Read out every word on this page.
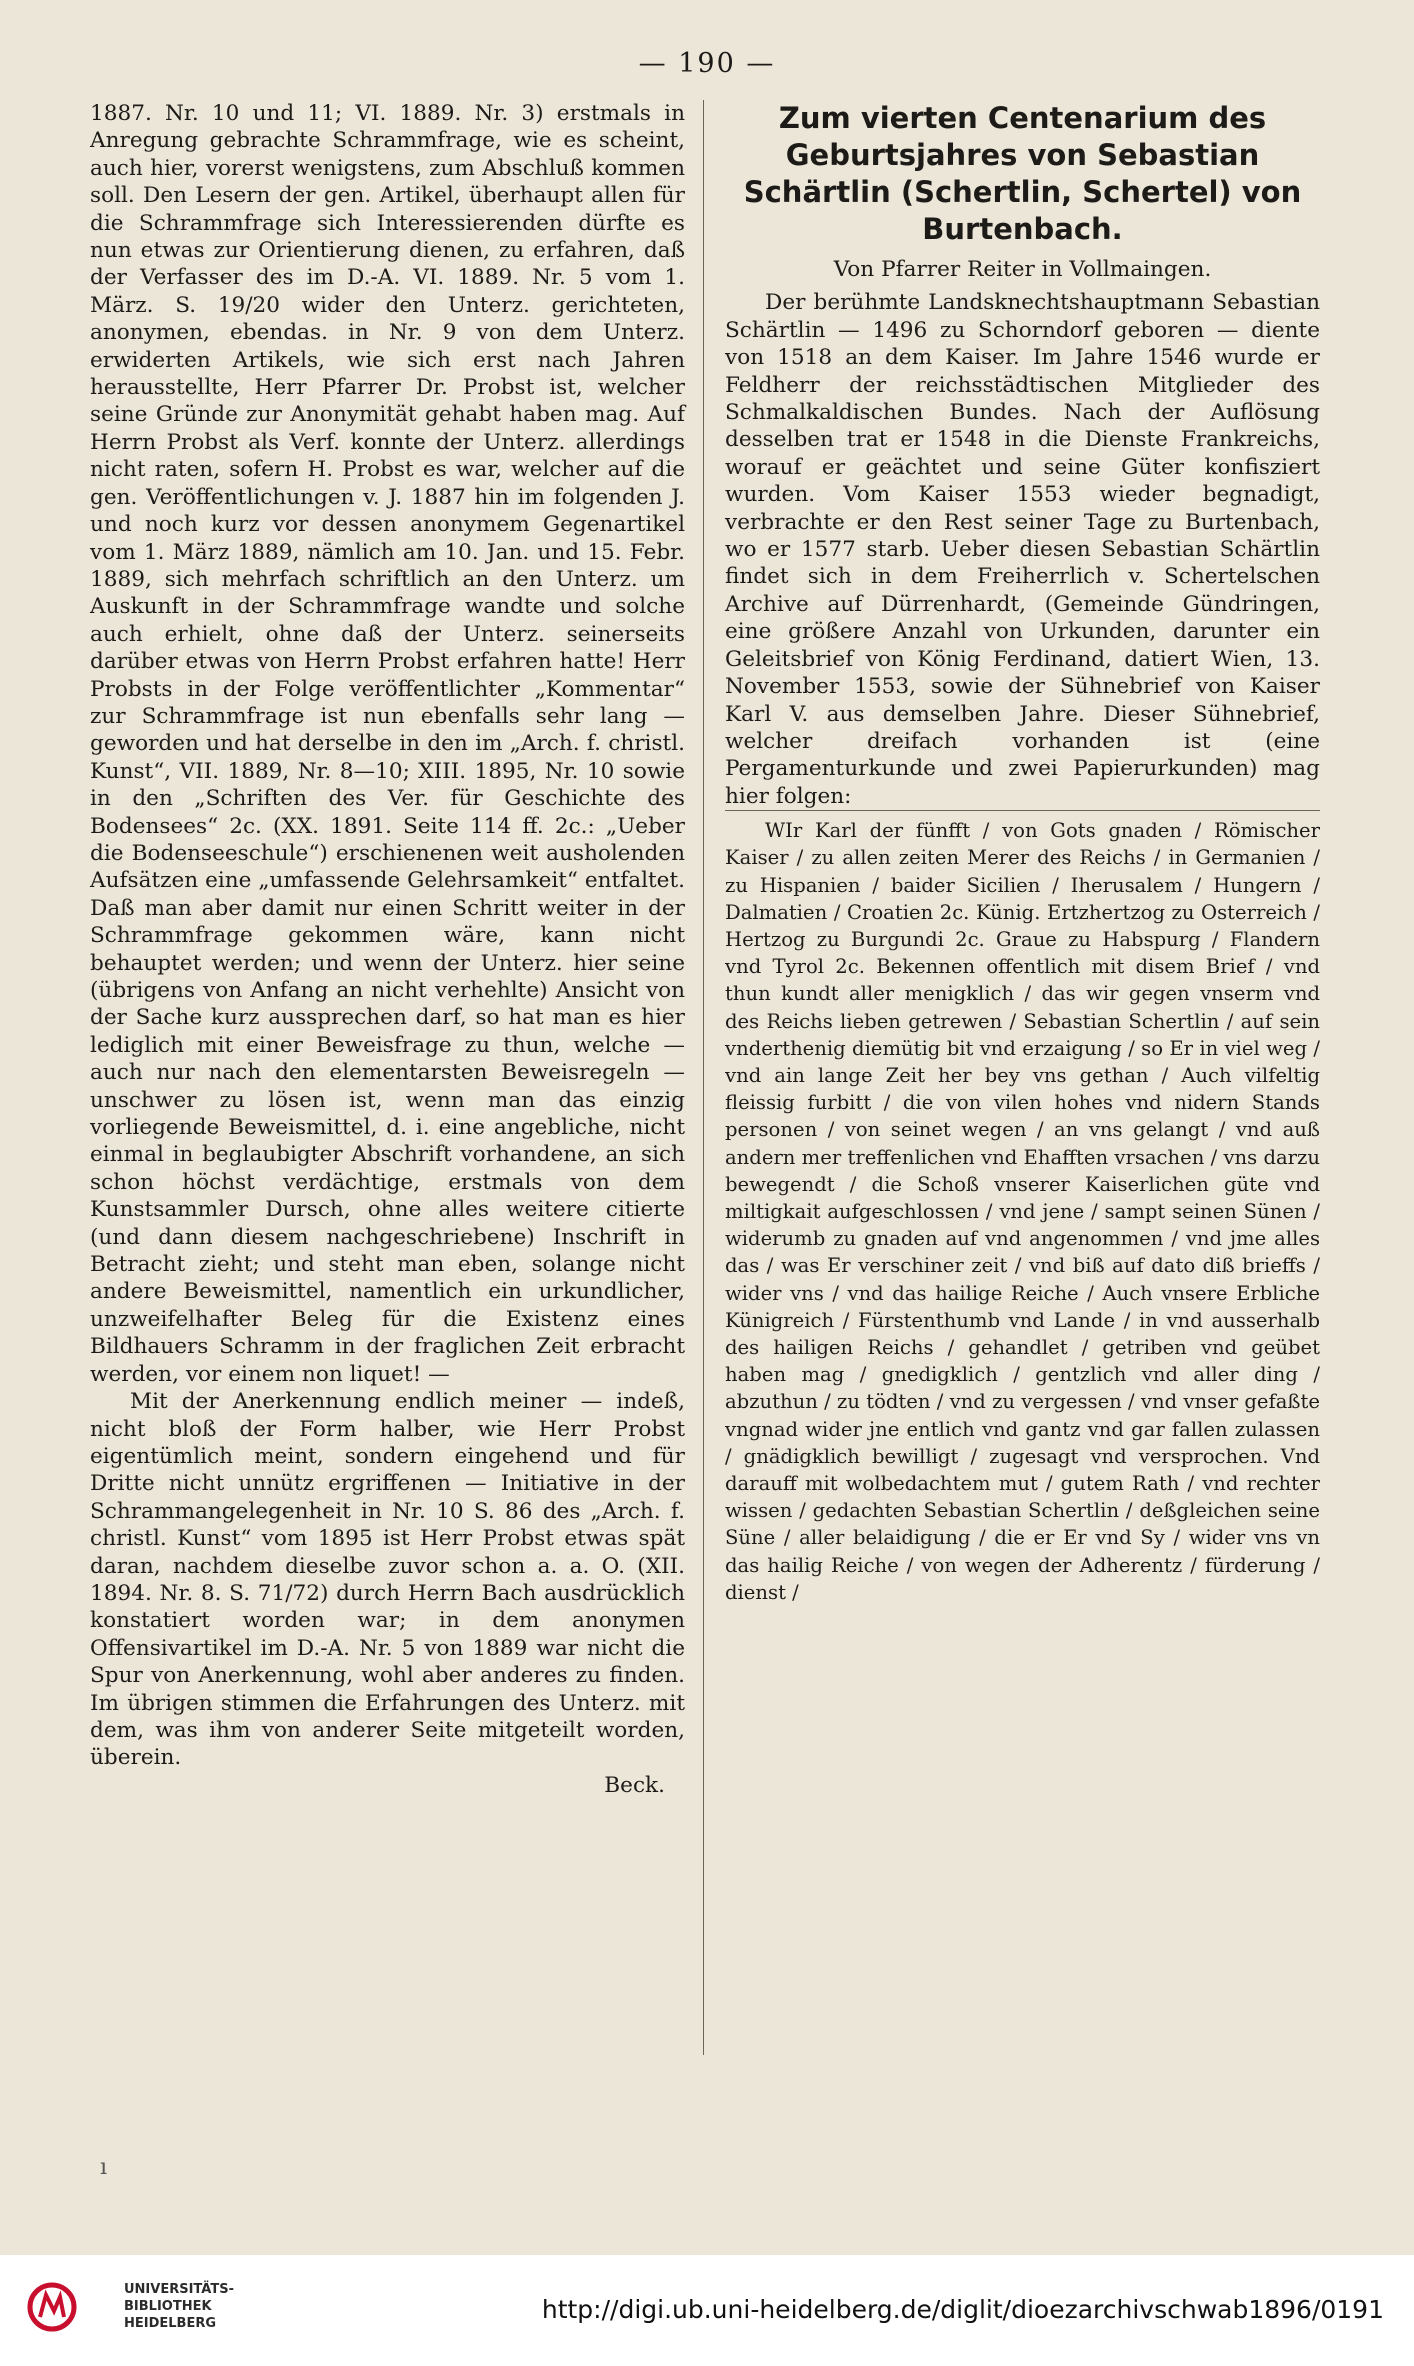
— 190 —

1887. Nr. 10 und 11; VI. 1889. Nr. 3) erstmals in Anregung gebrachte Schrammfrage, wie es scheint, auch hier, vorerst wenigstens, zum Abschluß kommen soll. Den Lesern der gen. Artikel, überhaupt allen für die Schrammfrage sich Interessierenden dürfte es nun etwas zur Orientierung dienen, zu erfahren, daß der Verfasser des im D.-A. VI. 1889. Nr. 5 vom 1. März. S. 19/20 wider den Unterz. gerichteten, anonymen, ebendas. in Nr. 9 von dem Unterz. erwiderten Artikels, wie sich erst nach Jahren herausstellte, Herr Pfarrer Dr. Probst ist, welcher seine Gründe zur Anonymität gehabt haben mag. Auf Herrn Probst als Verf. konnte der Unterz. allerdings nicht raten, sofern H. Probst es war, welcher auf die gen. Veröffentlichungen v. J. 1887 hin im folgenden J. und noch kurz vor dessen anonymem Gegenartikel vom 1. März 1889, nämlich am 10. Jan. und 15. Febr. 1889, sich mehrfach schriftlich an den Unterz. um Auskunft in der Schrammfrage wandte und solche auch erhielt, ohne daß der Unterz. seinerseits darüber etwas von Herrn Probst erfahren hatte! Herr Probsts in der Folge veröffentlichter „Kommentar“ zur Schrammfrage ist nun ebenfalls sehr lang — geworden und hat derselbe in den im „Arch. f. christl. Kunst“, VII. 1889, Nr. 8—10; XIII. 1895, Nr. 10 sowie in den „Schriften des Ver. für Geschichte des Bodensees“ 2c. (XX. 1891. Seite 114 ff. 2c.: „Ueber die Bodenseeschule“) erschienenen weit ausholenden Aufsätzen eine „umfassende Gelehrsamkeit“ entfaltet. Daß man aber damit nur einen Schritt weiter in der Schrammfrage gekommen wäre, kann nicht behauptet werden; und wenn der Unterz. hier seine (übrigens von Anfang an nicht verhehlte) Ansicht von der Sache kurz aussprechen darf, so hat man es hier lediglich mit einer Beweisfrage zu thun, welche — auch nur nach den elementarsten Beweisregeln — unschwer zu lösen ist, wenn man das einzig vorliegende Beweismittel, d. i. eine angebliche, nicht einmal in beglaubigter Abschrift vorhandene, an sich schon höchst verdächtige, erstmals von dem Kunstsammler Dursch, ohne alles weitere citierte (und dann diesem nachgeschriebene) Inschrift in Betracht zieht; und steht man eben, solange nicht andere Beweismittel, namentlich ein urkundlicher, unzweifelhafter Beleg für die Existenz eines Bildhauers Schramm in der fraglichen Zeit erbracht werden, vor einem non liquet! —

Mit der Anerkennung endlich meiner — indeß, nicht bloß der Form halber, wie Herr Probst eigentümlich meint, sondern eingehend und für Dritte nicht unnütz ergriffenen — Initiative in der Schrammangelegenheit in Nr. 10 S. 86 des „Arch. f. christl. Kunst“ vom 1895 ist Herr Probst etwas spät daran, nachdem dieselbe zuvor schon a. a. O. (XII. 1894. Nr. 8. S. 71/72) durch Herrn Bach ausdrücklich konstatiert worden war; in dem anonymen Offensivartikel im D.-A. Nr. 5 von 1889 war nicht die Spur von Anerkennung, wohl aber anderes zu finden. Im übrigen stimmen die Erfahrungen des Unterz. mit dem, was ihm von anderer Seite mitgeteilt worden, überein.

Beck.

Zum vierten Centenarium des Geburtsjahres von Sebastian Schärtlin (Schertlin, Schertel) von Burtenbach.
Von Pfarrer Reiter in Vollmaingen.

Der berühmte Landsknechtshauptmann Sebastian Schärtlin — 1496 zu Schorndorf geboren — diente von 1518 an dem Kaiser. Im Jahre 1546 wurde er Feldherr der reichsstädtischen Mitglieder des Schmalkaldischen Bundes. Nach der Auflösung desselben trat er 1548 in die Dienste Frankreichs, worauf er geächtet und seine Güter konfisziert wurden. Vom Kaiser 1553 wieder begnadigt, verbrachte er den Rest seiner Tage zu Burtenbach, wo er 1577 starb. Ueber diesen Sebastian Schärtlin findet sich in dem Freiherrlich v. Schertelschen Archive auf Dürrenhardt, (Gemeinde Gündringen, eine größere Anzahl von Urkunden, darunter ein Geleitsbrief von König Ferdinand, datiert Wien, 13. November 1553, sowie der Sühnebrief von Kaiser Karl V. aus demselben Jahre. Dieser Sühnebrief, welcher dreifach vorhanden ist (eine Pergamenturkunde und zwei Papierurkunden) mag hier folgen:

WIr Karl der fünfft / von Gots gnaden / Römischer Kaiser / zu allen zeiten Merer des Reichs / in Germanien / zu Hispanien / baider Sicilien / Iherusalem / Hungern / Dalmatien / Croatien 2c. Künig. Ertzhertzog zu Osterreich / Hertzog zu Burgundi 2c. Graue zu Habspurg / Flandern vnd Tyrol 2c. Bekennen offentlich mit disem Brief / vnd thun kundt aller menigklich / das wir gegen vnserm vnd des Reichs lieben getrewen / Sebastian Schertlin / auf sein vnderthenig diemütig bit vnd erzaigung / so Er in viel weg / vnd ain lange Zeit her bey vns gethan / Auch vilfeltig fleissig furbitt / die von vilen hohes vnd nidern Stands personen / von seinet wegen / an vns gelangt / vnd auß andern mer treffenlichen vnd Ehafften vrsachen / vns darzu bewegendt / die Schoß vnserer Kaiserlichen güte vnd miltigkait aufgeschlossen / vnd jene / sampt seinen Sünen / widerumb zu gnaden auf vnd angenommen / vnd jme alles das / was Er verschiner zeit / vnd biß auf dato diß brieffs / wider vns / vnd das hailige Reiche / Auch vnsere Erbliche Künigreich / Fürstenthumb vnd Lande / in vnd ausserhalb des hailigen Reichs / gehandlet / getriben vnd geübet haben mag / gnedigklich / gentzlich vnd aller ding / abzuthun / zu tödten / vnd zu vergessen / vnd vnser gefaßte vngnad wider jne entlich vnd gantz vnd gar fallen zulassen / gnädigklich bewilligt / zugesagt vnd versprochen. Vnd darauff mit wolbedachtem mut / gutem Rath / vnd rechter wissen / gedachten Sebastian Schertlin / deßgleichen seine Süne / aller belaidigung / die er Er vnd Sy / wider vns vn das hailig Reiche / von wegen der Adherentz / fürderung / dienst /

ı
UNIVERSITÄTS-
BIBLIOTHEK
HEIDELBERG	http://digi.ub.uni-heidelberg.de/diglit/dioezarchivschwab1896/0191
